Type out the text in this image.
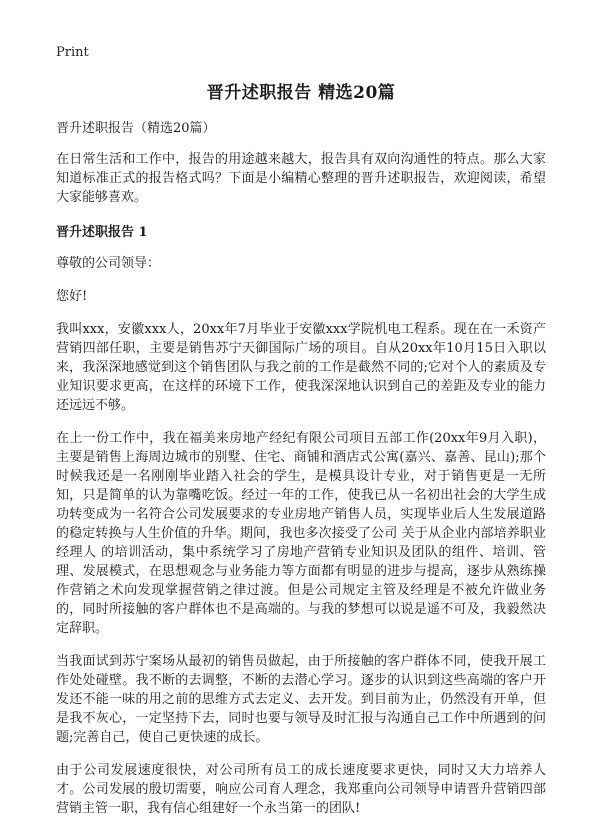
Print
晋升述职报告 精选20篇
晋升述职报告（精选20篇）
在日常生活和工作中，报告的用途越来越大，报告具有双向沟通性的特点。那么大家知道标准正式的报告格式吗？下面是小编精心整理的晋升述职报告，欢迎阅读，希望大家能够喜欢。
晋升述职报告 1
尊敬的公司领导：
您好!
我叫xxx，安徽xxx人，20xx年7月毕业于安徽xxx学院机电工程系。现在在一禾资产营销四部任职，主要是销售苏宁天御国际广场的项目。自从20xx年10月15日入职以来，我深深地感觉到这个销售团队与我之前的工作是截然不同的;它对个人的素质及专业知识要求更高，在这样的环境下工作，使我深深地认识到自己的差距及专业的能力还远远不够。
在上一份工作中，我在福美来房地产经纪有限公司项目五部工作(20xx年9月入职)，主要是销售上海周边城市的别墅、住宅、商铺和酒店式公寓(嘉兴、嘉善、昆山);那个时候我还是一名刚刚毕业踏入社会的学生，是模具设计专业，对于销售更是一无所知，只是简单的认为靠嘴吃饭。经过一年的工作，使我已从一名初出社会的大学生成功转变成为一名符合公司发展要求的专业房地产销售人员，实现毕业后人生发展道路的稳定转换与人生价值的升华。期间，我也多次接受了公司 关于从企业内部培养职业经理人 的培训活动，集中系统学习了房地产营销专业知识及团队的组件、培训、管理、发展模式，在思想观念与业务能力等方面都有明显的进步与提高，逐步从熟练操作营销之术向发现掌握营销之律过渡。但是公司规定主管及经理是不被允许做业务的，同时所接触的客户群体也不是高端的。与我的梦想可以说是遥不可及，我毅然决定辞职。
当我面试到苏宁案场从最初的销售员做起，由于所接触的客户群体不同，使我开展工作处处碰壁。我不断的去调整，不断的去潜心学习。逐步的认识到这些高端的客户开发还不能一味的用之前的思维方式去定义、去开发。到目前为止，仍然没有开单，但是我不灰心，一定坚持下去，同时也要与领导及时汇报与沟通自己工作中所遇到的问题;完善自己，使自己更快速的成长。
由于公司发展速度很快，对公司所有员工的成长速度要求更快，同时又大力培养人才。公司发展的殷切需要，响应公司育人理念，我郑重向公司领导申请晋升营销四部营销主管一职，我有信心组建好一个永当第一的团队!
